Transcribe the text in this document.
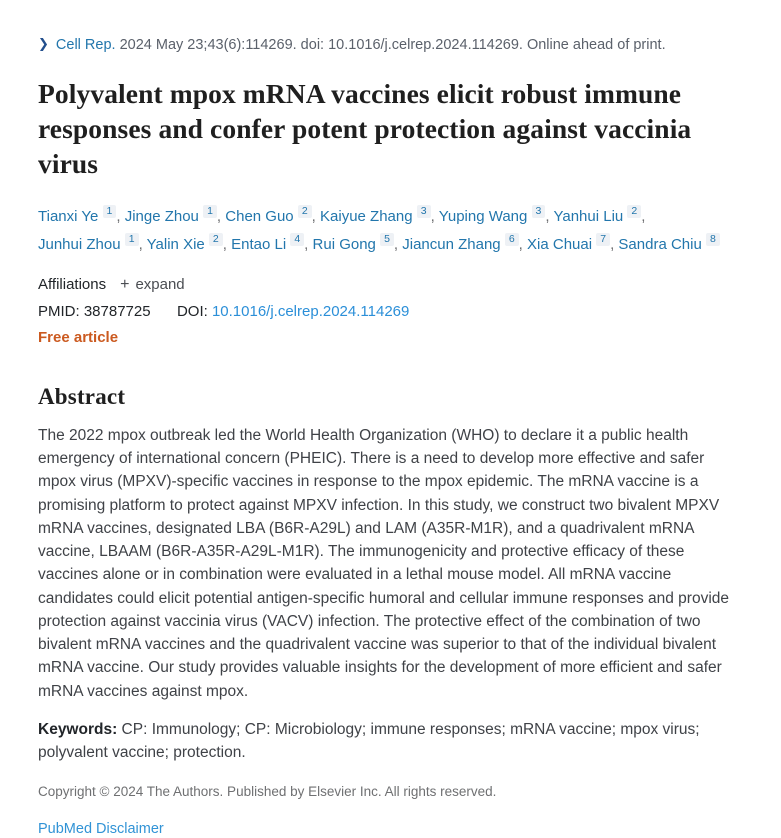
❯ Cell Rep. 2024 May 23;43(6):114269. doi: 10.1016/j.celrep.2024.114269. Online ahead of print.
Polyvalent mpox mRNA vaccines elicit robust immune responses and confer potent protection against vaccinia virus
Tianxi Ye $^1$ , Jinge Zhou $^1$ , Chen Guo $^2$ , Kaiyue Zhang $^3$ , Yuping Wang $^3$ , Yanhui Liu $^2$ , Junhui Zhou $^1$ , Yalin Xie $^2$ , Entao Li $^4$ , Rui Gong $^5$ , Jiancun Zhang $^6$ , Xia Chuai $^7$ , Sandra Chiu $^8$
Affiliations + expand
PMID: 38787725 DOI: 10.1016/j.celrep.2024.114269
Free article
Abstract

The 2022 mpox outbreak led the World Health Organization (WHO) to declare it a public health emergency of international concern (PHEIC). There is a need to develop more effective and safer mpox virus (MPXV)-specific vaccines in response to the mpox epidemic. The mRNA vaccine is a promising platform to protect against MPXV infection. In this study, we construct two bivalent MPXV mRNA vaccines, designated LBA (B6R-A29L) and LAM (A35R-M1R), and a quadrivalent mRNA vaccine, LBAAM (B6R-A35R-A29L-M1R). The immunogenicity and protective efficacy of these vaccines alone or in combination were evaluated in a lethal mouse model. All mRNA vaccine candidates could elicit potential antigen-specific humoral and cellular immune responses and provide protection against vaccinia virus (VACV) infection. The protective effect of the combination of two bivalent mRNA vaccines and the quadrivalent vaccine was superior to that of the individual bivalent mRNA vaccine. Our study provides valuable insights for the development of more efficient and safer mRNA vaccines against mpox.

Keywords: CP: Immunology; CP: Microbiology; immune responses; mRNA vaccine; mpox virus; polyvalent vaccine; protection.

Copyright © 2024 The Authors. Published by Elsevier Inc. All rights reserved.

PubMed Disclaimer
